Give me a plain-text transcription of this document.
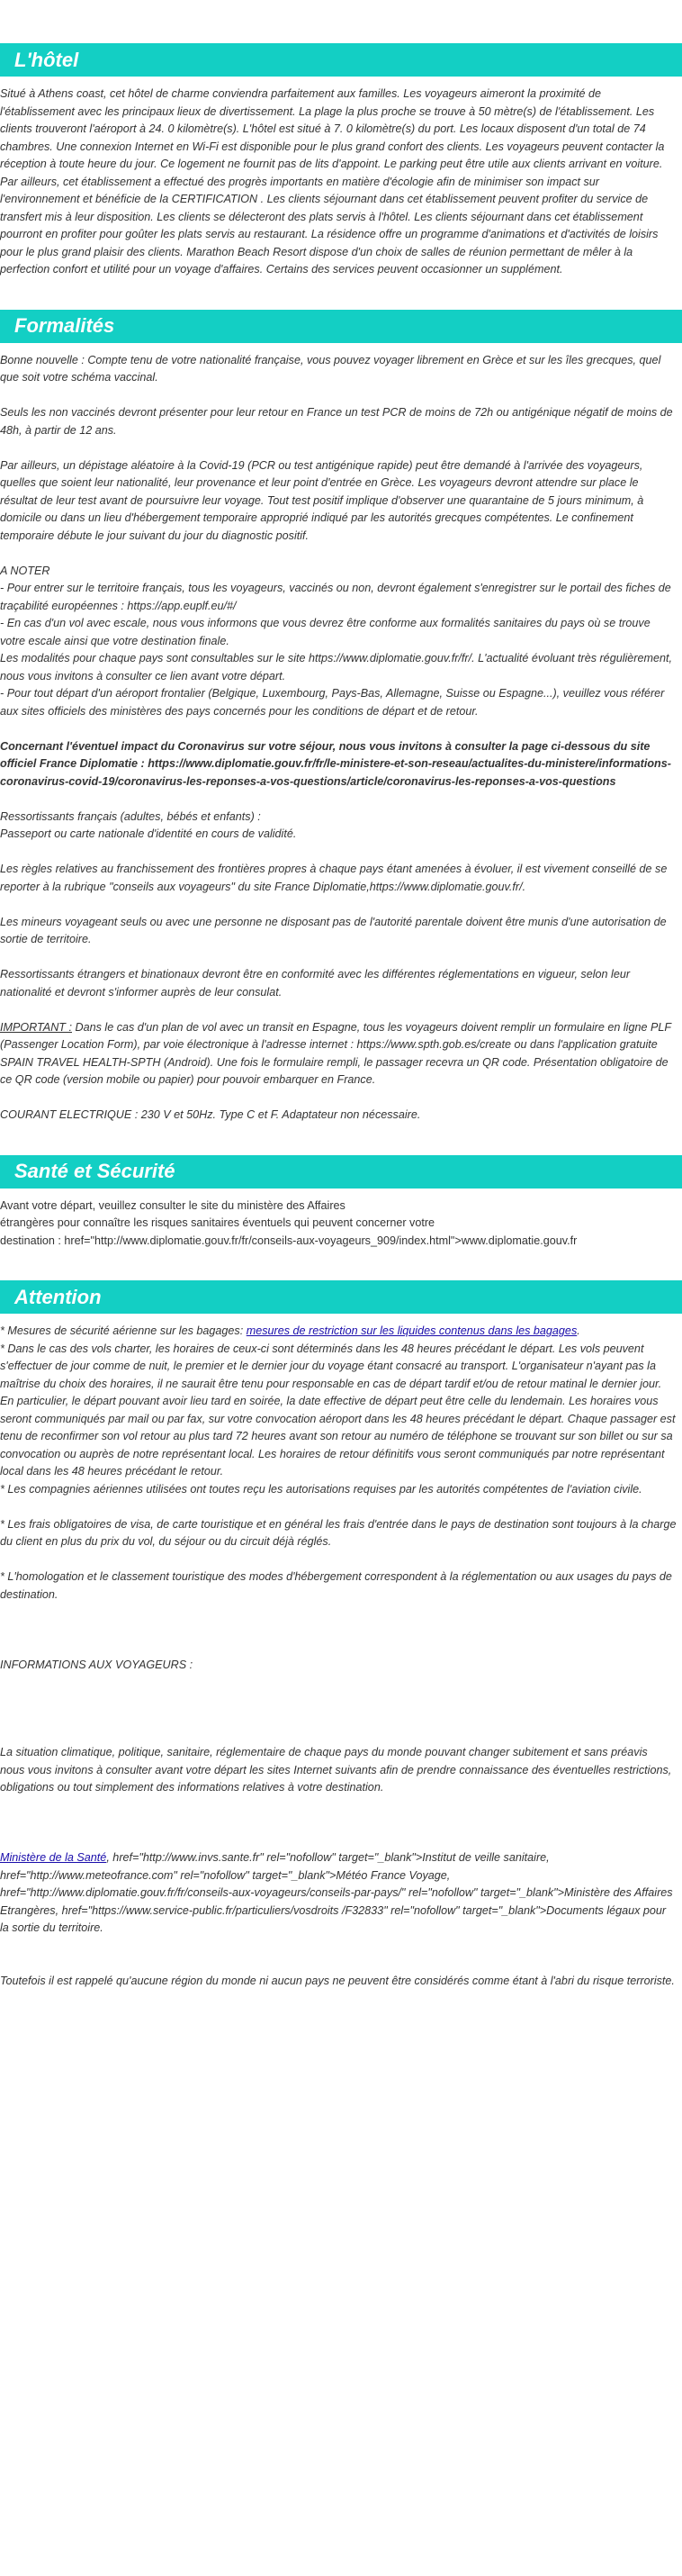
L'hôtel

Situé à Athens coast, cet hôtel de charme conviendra parfaitement aux familles. Les voyageurs aimeront la proximité de l'établissement avec les principaux lieux de divertissement. La plage la plus proche se trouve à 50 mètre(s) de l'établissement. Les clients trouveront l'aéroport à 24. 0 kilomètre(s). L'hôtel est situé à 7. 0 kilomètre(s) du port. Les locaux disposent d'un total de 74 chambres. Une connexion Internet en Wi-Fi est disponible pour le plus grand confort des clients. Les voyageurs peuvent contacter la réception à toute heure du jour. Ce logement ne fournit pas de lits d'appoint. Le parking peut être utile aux clients arrivant en voiture. Par ailleurs, cet établissement a effectué des progrès importants en matière d'écologie afin de minimiser son impact sur l'environnement et bénéficie de la CERTIFICATION . Les clients séjournant dans cet établissement peuvent profiter du service de transfert mis à leur disposition. Les clients se délecteront des plats servis à l'hôtel. Les clients séjournant dans cet établissement pourront en profiter pour goûter les plats servis au restaurant. La résidence offre un programme d'animations et d'activités de loisirs pour le plus grand plaisir des clients. Marathon Beach Resort dispose d'un choix de salles de réunion permettant de mêler à la perfection confort et utilité pour un voyage d'affaires. Certains des services peuvent occasionner un supplément.

Formalités

Bonne nouvelle : Compte tenu de votre nationalité française, vous pouvez voyager librement en Grèce et sur les îles grecques, quel que soit votre schéma vaccinal.

Seuls les non vaccinés devront présenter pour leur retour en France un test PCR de moins de 72h ou antigénique négatif de moins de 48h, à partir de 12 ans.

Par ailleurs, un dépistage aléatoire à la Covid-19 (PCR ou test antigénique rapide) peut être demandé à l'arrivée des voyageurs, quelles que soient leur nationalité, leur provenance et leur point d'entrée en Grèce. Les voyageurs devront attendre sur place le résultat de leur test avant de poursuivre leur voyage. Tout test positif implique d'observer une quarantaine de 5 jours minimum, à domicile ou dans un lieu d'hébergement temporaire approprié indiqué par les autorités grecques compétentes. Le confinement temporaire débute le jour suivant du jour du diagnostic positif.

A NOTER

- Pour entrer sur le territoire français, tous les voyageurs, vaccinés ou non, devront également s'enregistrer sur le portail des fiches de traçabilité européennes : https://app.euplf.eu/#/

- En cas d'un vol avec escale, nous vous informons que vous devrez être conforme aux formalités sanitaires du pays où se trouve votre escale ainsi que votre destination finale.

Les modalités pour chaque pays sont consultables sur le site https://www.diplomatie.gouv.fr/fr/. L'actualité évoluant très régulièrement, nous vous invitons à consulter ce lien avant votre départ.

- Pour tout départ d'un aéroport frontalier (Belgique, Luxembourg, Pays-Bas, Allemagne, Suisse ou Espagne...), veuillez vous référer aux sites officiels des ministères des pays concernés pour les conditions de départ et de retour.

Concernant l'éventuel impact du Coronavirus sur votre séjour, nous vous invitons à consulter la page ci-dessous du site officiel France Diplomatie : https://www.diplomatie.gouv.fr/fr/le-ministere-et-son-reseau/actualites-du-ministere/informations-coronavirus-covid-19/coronavirus-les-reponses-a-vos-questions/article/coronavirus-les-reponses-a-vos-questions

Ressortissants français (adultes, bébés et enfants) :

Passeport ou carte nationale d'identité en cours de validité.

Les règles relatives au franchissement des frontières propres à chaque pays étant amenées à évoluer, il est vivement conseillé de se reporter à la rubrique "conseils aux voyageurs" du site France Diplomatie,https://www.diplomatie.gouv.fr/.

Les mineurs voyageant seuls ou avec une personne ne disposant pas de l'autorité parentale doivent être munis d'une autorisation de sortie de territoire.

Ressortissants étrangers et binationaux devront être en conformité avec les différentes réglementations en vigueur, selon leur nationalité et devront s'informer auprès de leur consulat.

IMPORTANT : Dans le cas d'un plan de vol avec un transit en Espagne, tous les voyageurs doivent remplir un formulaire en ligne PLF (Passenger Location Form), par voie électronique à l'adresse internet : https://www.spth.gob.es/create ou dans l'application gratuite SPAIN TRAVEL HEALTH-SPTH (Android). Une fois le formulaire rempli, le passager recevra un QR code. Présentation obligatoire de ce QR code (version mobile ou papier) pour pouvoir embarquer en France.

COURANT ELECTRIQUE : 230 V et 50Hz. Type C et F. Adaptateur non nécessaire.

Santé et Sécurité

Avant votre départ, veuillez consulter le site du ministère des Affaires

étrangères pour connaître les risques sanitaires éventuels qui peuvent concerner votre

destination : href="http://www.diplomatie.gouv.fr/fr/conseils-aux-voyageurs_909/index.html">www.diplomatie.gouv.fr

Attention

* Mesures de sécurité aérienne sur les bagages: mesures de restriction sur les liquides contenus dans les bagages.

* Dans le cas des vols charter, les horaires de ceux-ci sont déterminés dans les 48 heures précédant le départ. Les vols peuvent s'effectuer de jour comme de nuit, le premier et le dernier jour du voyage étant consacré au transport. L'organisateur n'ayant pas la maîtrise du choix des horaires, il ne saurait être tenu pour responsable en cas de départ tardif et/ou de retour matinal le dernier jour. En particulier, le départ pouvant avoir lieu tard en soirée, la date effective de départ peut être celle du lendemain. Les horaires vous seront communiqués par mail ou par fax, sur votre convocation aéroport dans les 48 heures précédant le départ. Chaque passager est tenu de reconfirmer son vol retour au plus tard 72 heures avant son retour au numéro de téléphone se trouvant sur son billet ou sur sa convocation ou auprès de notre représentant local. Les horaires de retour définitifs vous seront communiqués par notre représentant local dans les 48 heures précédant le retour.

* Les compagnies aériennes utilisées ont toutes reçu les autorisations requises par les autorités compétentes de l'aviation civile.

* Les frais obligatoires de visa, de carte touristique et en général les frais d'entrée dans le pays de destination sont toujours à la charge du client en plus du prix du vol, du séjour ou du circuit déjà réglés.

* L'homologation et le classement touristique des modes d'hébergement correspondent à la réglementation ou aux usages du pays de destination.

INFORMATIONS AUX VOYAGEURS :

La situation climatique, politique, sanitaire, réglementaire de chaque pays du monde pouvant changer subitement et sans préavis

nous vous invitons à consulter avant votre départ les sites Internet suivants afin de prendre connaissance des éventuelles restrictions, obligations ou tout simplement des informations relatives à votre destination.

Ministère de la Santé, href="http://www.invs.sante.fr" rel="nofollow" target="_blank">Institut de veille sanitaire, href="http://www.meteofrance.com" rel="nofollow" target="_blank">Météo France Voyage, href="http://www.diplomatie.gouv.fr/fr/conseils-aux-voyageurs/conseils-par-pays/" rel="nofollow" target="_blank">Ministère des Affaires Etrangères, href="https://www.service-public.fr/particuliers/vosdroits /F32833" rel="nofollow" target="_blank">Documents légaux pour la sortie du territoire.

Toutefois il est rappelé qu'aucune région du monde ni aucun pays ne peuvent être considérés comme étant à l'abri du risque terroriste.
